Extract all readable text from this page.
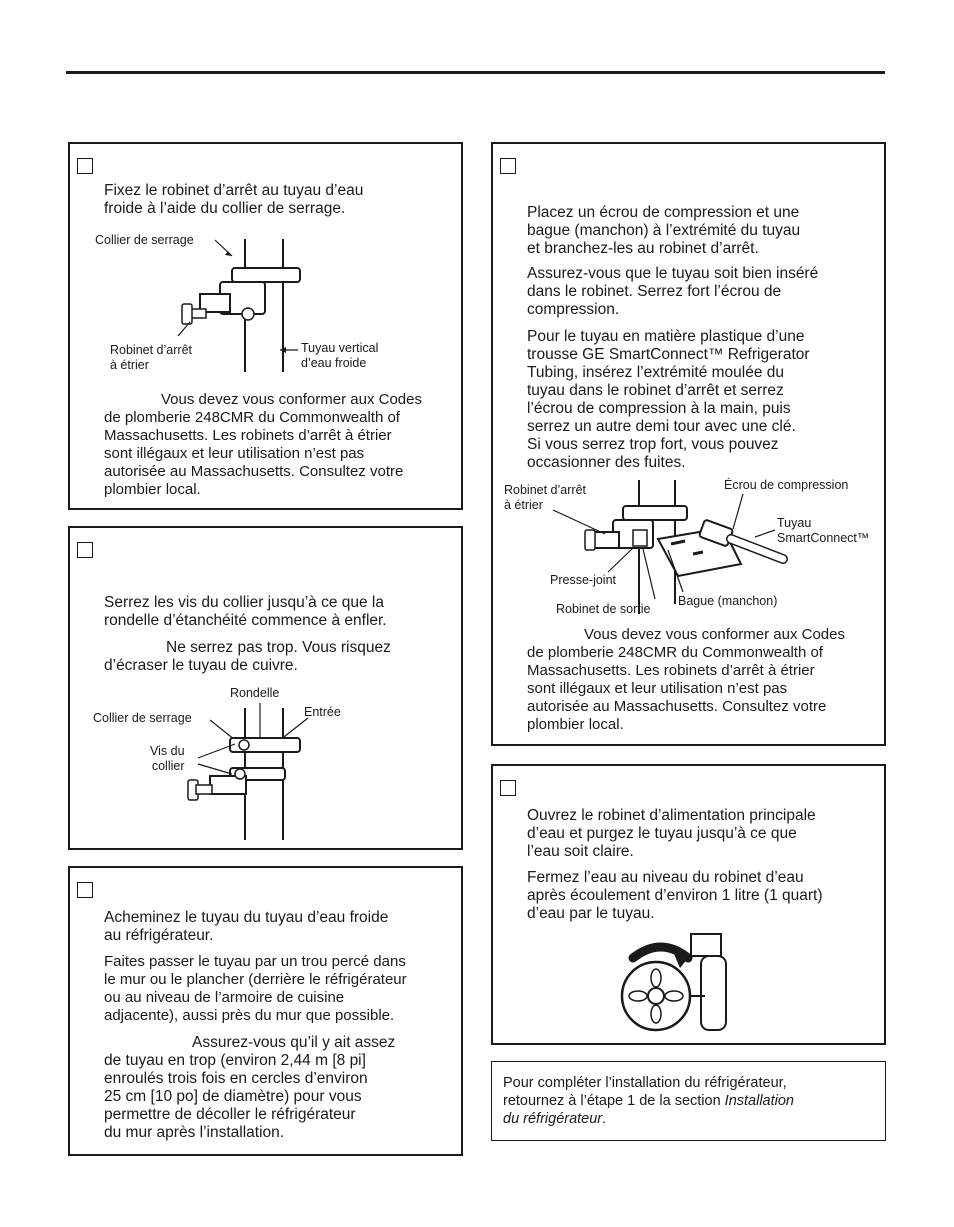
Fixez le robinet d’arrêt au tuyau d’eau
froide à l’aide du collier de serrage.

Collier de serrage
Robinet d’arrêt
à étrier
Tuyau vertical
d’eau froide

Vous devez vous conformer aux Codes
de plomberie 248CMR du Commonwealth of
Massachusetts. Les robinets d’arrêt à étrier
sont illégaux et leur utilisation n’est pas
autorisée au Massachusetts. Consultez votre
plombier local.

Serrez les vis du collier jusqu’à ce que la
rondelle d’étanchéité commence à enfler.

Ne serrez pas trop. Vous risquez
d’écraser le tuyau de cuivre.

Rondelle
Entrée
Collier de serrage
Vis du
collier

Acheminez le tuyau du tuyau d’eau froide
au réfrigérateur.

Faites passer le tuyau par un trou percé dans
le mur ou le plancher (derrière le réfrigérateur
ou au niveau de l’armoire de cuisine
adjacente), aussi près du mur que possible.

Assurez-vous qu’il y ait assez
de tuyau en trop (environ 2,44 m [8 pi]
enroulés trois fois en cercles d’environ
25 cm [10 po] de diamètre) pour vous
permettre de décoller le réfrigérateur
du mur après l’installation.

Placez un écrou de compression et une
bague (manchon) à l’extrémité du tuyau
et branchez-les au robinet d’arrêt.

Assurez-vous que le tuyau soit bien inséré
dans le robinet. Serrez fort l’écrou de
compression.

Pour le tuyau en matière plastique d’une
trousse GE SmartConnect™ Refrigerator
Tubing, insérez l’extrémité moulée du
tuyau dans le robinet d’arrêt et serrez
l’écrou de compression à la main, puis
serrez un autre demi tour avec une clé.
Si vous serrez trop fort, vous pouvez
occasionner des fuites.

Robinet d’arrêt
à étrier
Écrou de compression
Tuyau
SmartConnect™
Presse-joint
Robinet de sortie
Bague (manchon)

Vous devez vous conformer aux Codes
de plomberie 248CMR du Commonwealth of
Massachusetts. Les robinets d’arrêt à étrier
sont illégaux et leur utilisation n’est pas
autorisée au Massachusetts. Consultez votre
plombier local.

Ouvrez le robinet d’alimentation principale
d’eau et purgez le tuyau jusqu’à ce que
l’eau soit claire.

Fermez l’eau au niveau du robinet d’eau
après écoulement d’environ 1 litre (1 quart)
d’eau par le tuyau.

Pour compléter l’installation du réfrigérateur,
retournez à l’étape 1 de la section Installation
du réfrigérateur.
